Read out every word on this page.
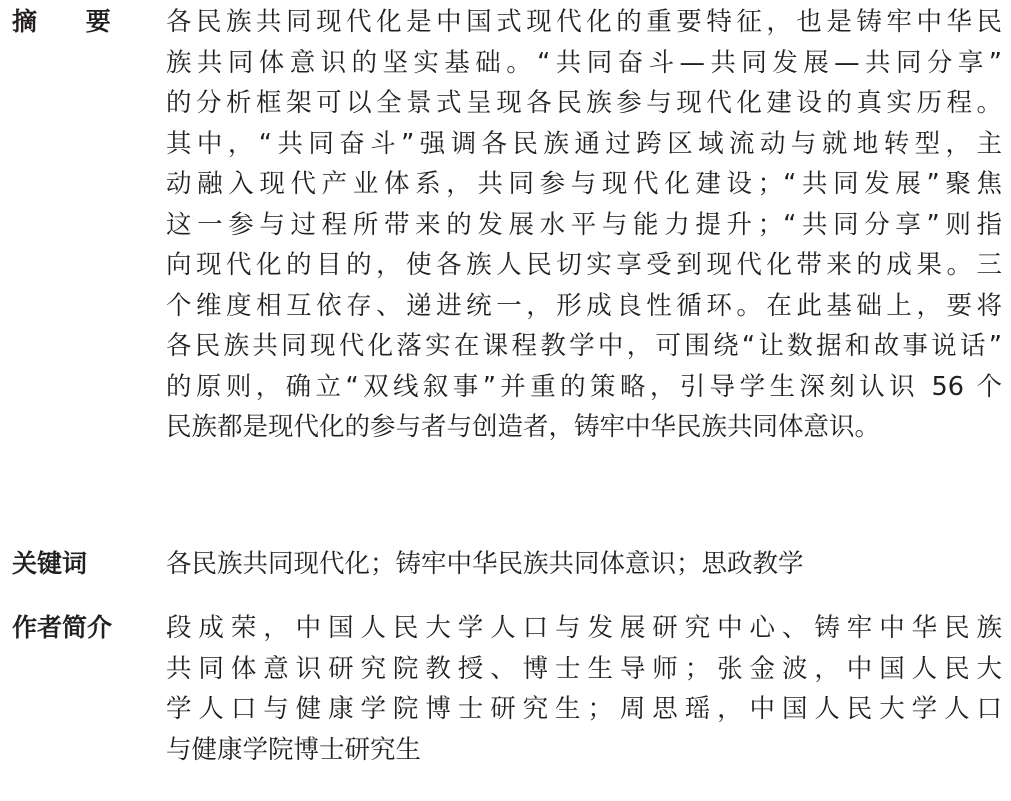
摘 要 各民族共同现代化是中国式现代化的重要特征，也是铸牢中华民
族共同体意识的坚实基础。“共同奋斗—共同发展—共同分享”
的分析框架可以全景式呈现各民族参与现代化建设的真实历程。
其中，“共同奋斗”强调各民族通过跨区域流动与就地转型，主
动融入现代产业体系，共同参与现代化建设；“共同发展”聚焦
这一参与过程所带来的发展水平与能力提升；“共同分享”则指
向现代化的目的，使各族人民切实享受到现代化带来的成果。三
个维度相互依存、递进统一，形成良性循环。在此基础上，要将
各民族共同现代化落实在课程教学中，可围绕“让数据和故事说话”
的原则，确立“双线叙事”并重的策略，引导学生深刻认识 56 个
民族都是现代化的参与者与创造者，铸牢中华民族共同体意识。
关键词	各民族共同现代化；铸牢中华民族共同体意识；思政教学
作者简介 段成荣，中国人民大学人口与发展研究中心、铸牢中华民族
共同体意识研究院教授、博士生导师；张金波，中国人民大
学人口与健康学院博士研究生；周思瑶，中国人民大学人口
与健康学院博士研究生
